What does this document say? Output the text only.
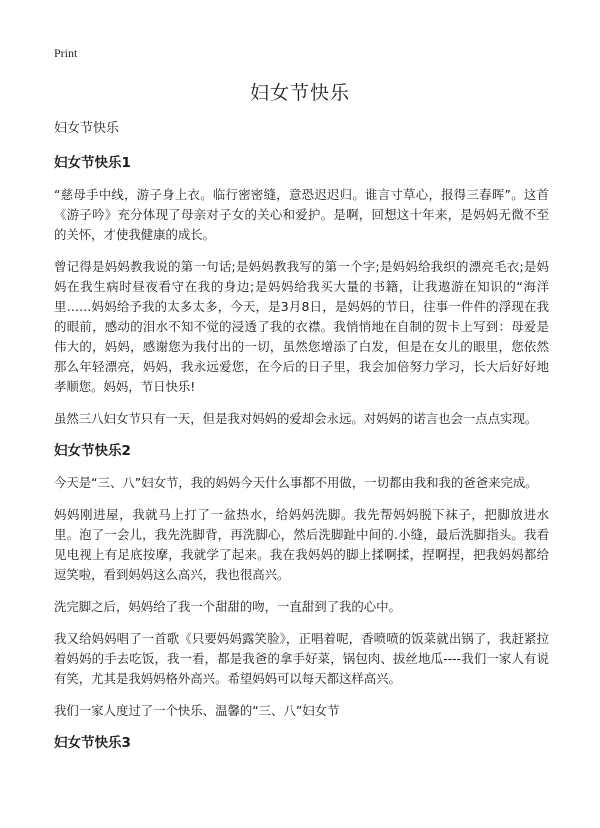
Print
妇女节快乐
妇女节快乐
妇女节快乐1

“慈母手中线，游子身上衣。临行密密缝，意恐迟迟归。谁言寸草心，报得三春晖”。这首《游子吟》充分体现了母亲对子女的关心和爱护。是啊，回想这十年来，是妈妈无微不至的关怀，才使我健康的成长。

曾记得是妈妈教我说的第一句话;是妈妈教我写的第一个字;是妈妈给我织的漂亮毛衣;是妈妈在我生病时昼夜看守在我的身边;是妈妈给我买大量的书籍，让我遨游在知识的“海洋里……妈妈给予我的太多太多，今天，是3月8日，是妈妈的节日，往事一件件的浮现在我的眼前，感动的泪水不知不觉的浸透了我的衣襟。我悄悄地在自制的贺卡上写到：母爱是伟大的，妈妈，感谢您为我付出的一切，虽然您增添了白发，但是在女儿的眼里，您依然那么年轻漂亮，妈妈，我永远爱您，在今后的日子里，我会加倍努力学习，长大后好好地孝顺您。妈妈，节日快乐!

虽然三八妇女节只有一天，但是我对妈妈的爱却会永远。对妈妈的诺言也会一点点实现。

妇女节快乐2

今天是“三、八”妇女节，我的妈妈今天什么事都不用做，一切都由我和我的爸爸来完成。

妈妈刚进屋，我就马上打了一盆热水，给妈妈洗脚。我先帮妈妈脱下袜子，把脚放进水里。泡了一会儿，我先洗脚背，再洗脚心，然后洗脚趾中间的.小缝，最后洗脚指头。我看见电视上有足底按摩，我就学了起来。我在我妈妈的脚上揉啊揉，捏啊捏，把我妈妈都给逗笑啦，看到妈妈这么高兴，我也很高兴。

洗完脚之后，妈妈给了我一个甜甜的吻，一直甜到了我的心中。

我又给妈妈唱了一首歌《只要妈妈露笑脸》，正唱着呢，香喷喷的饭菜就出锅了，我赶紧拉着妈妈的手去吃饭，我一看，都是我爸的拿手好菜，锅包肉、拔丝地瓜----我们一家人有说有笑，尤其是我妈妈格外高兴。希望妈妈可以每天都这样高兴。

我们一家人度过了一个快乐、温馨的“三、八”妇女节

妇女节快乐3
